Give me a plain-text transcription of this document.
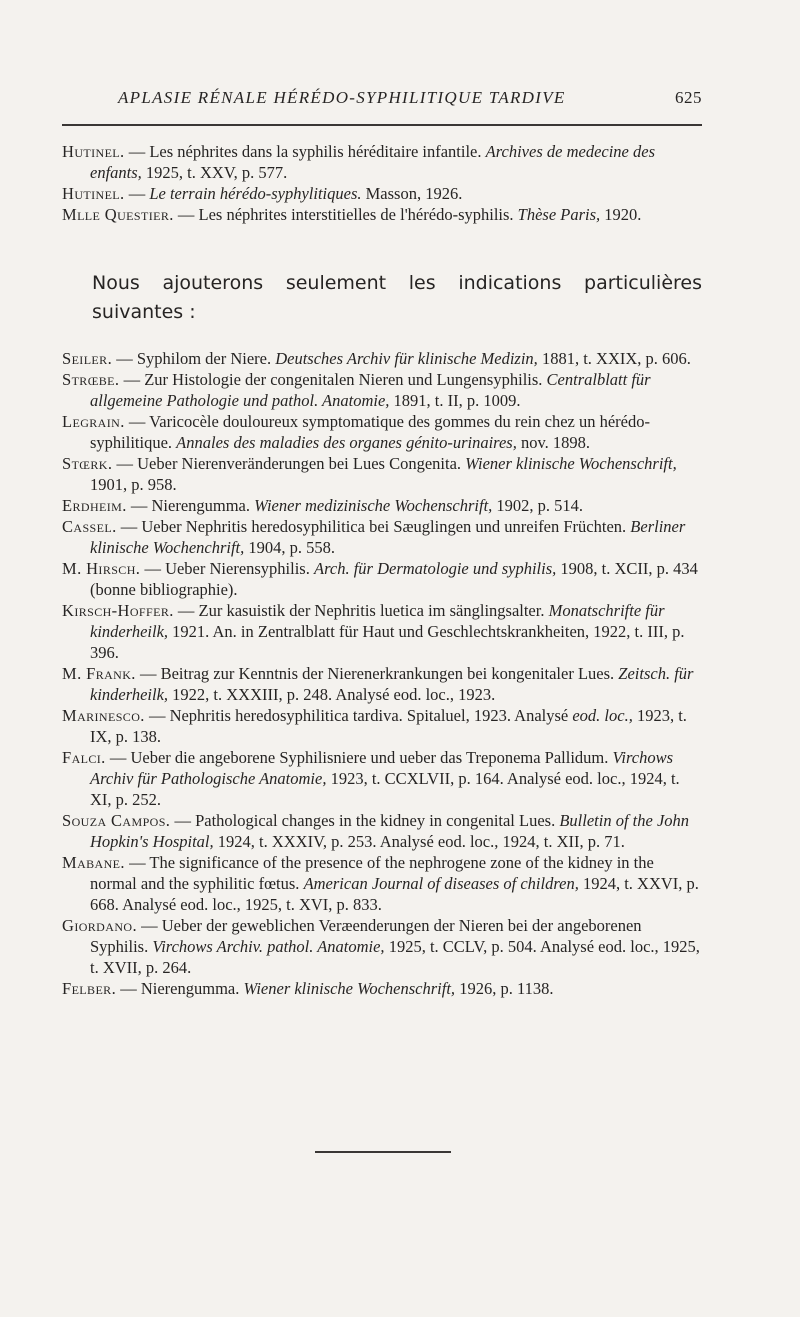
APLASIE RÉNALE HÉRÉDO-SYPHILITIQUE TARDIVE	625

Hutinel. — Les néphrites dans la syphilis héréditaire infantile. Archives de medecine des enfants, 1925, t. XXV, p. 577.

Hutinel. — Le terrain hérédo-syphylitiques. Masson, 1926.

Mlle Questier. — Les néphrites interstitielles de l'hérédo-syphilis. Thèse Paris, 1920.

Nous ajouterons seulement les indications particulières suivantes :

Seiler. — Syphilom der Niere. Deutsches Archiv für klinische Medizin, 1881, t. XXIX, p. 606.

Strœbe. — Zur Histologie der congenitalen Nieren und Lungensyphilis. Centralblatt für allgemeine Pathologie und pathol. Anatomie, 1891, t. II, p. 1009.

Legrain. — Varicocèle douloureux symptomatique des gommes du rein chez un hérédo-syphilitique. Annales des maladies des organes génito-urinaires, nov. 1898.

Stœrk. — Ueber Nierenveränderungen bei Lues Congenita. Wiener klinische Wochenschrift, 1901, p. 958.

Erdheim. — Nierengumma. Wiener medizinische Wochenschrift, 1902, p. 514.

Cassel. — Ueber Nephritis heredosyphilitica bei Sæuglingen und unreifen Früchten. Berliner klinische Wochenchrift, 1904, p. 558.

M. Hirsch. — Ueber Nierensyphilis. Arch. für Dermatologie und syphilis, 1908, t. XCII, p. 434 (bonne bibliographie).

Kirsch-Hoffer. — Zur kasuistik der Nephritis luetica im sänglingsalter. Monatschrifte für kinderheilk, 1921. An. in Zentralblatt für Haut und Geschlechtskrankheiten, 1922, t. III, p. 396.

M. Frank. — Beitrag zur Kenntnis der Nierenerkrankungen bei kongenitaler Lues. Zeitsch. für kinderheilk, 1922, t. XXXIII, p. 248. Analysé eod. loc., 1923.

Marinesco. — Nephritis heredosyphilitica tardiva. Spitaluel, 1923. Analysé eod. loc., 1923, t. IX, p. 138.

Falci. — Ueber die angeborene Syphilisniere und ueber das Treponema Pallidum. Virchows Archiv für Pathologische Anatomie, 1923, t. CCXLVII, p. 164. Analysé eod. loc., 1924, t. XI, p. 252.

Souza Campos. — Pathological changes in the kidney in congenital Lues. Bulletin of the John Hopkin's Hospital, 1924, t. XXXIV, p. 253. Analysé eod. loc., 1924, t. XII, p. 71.

Mabane. — The significance of the presence of the nephrogene zone of the kidney in the normal and the syphilitic fœtus. American Journal of diseases of children, 1924, t. XXVI, p. 668. Analysé eod. loc., 1925, t. XVI, p. 833.

Giordano. — Ueber der geweblichen Veræenderungen der Nieren bei der angeborenen Syphilis. Virchows Archiv. pathol. Anatomie, 1925, t. CCLV, p. 504. Analysé eod. loc., 1925, t. XVII, p. 264.

Felber. — Nierengumma. Wiener klinische Wochenschrift, 1926, p. 1138.
